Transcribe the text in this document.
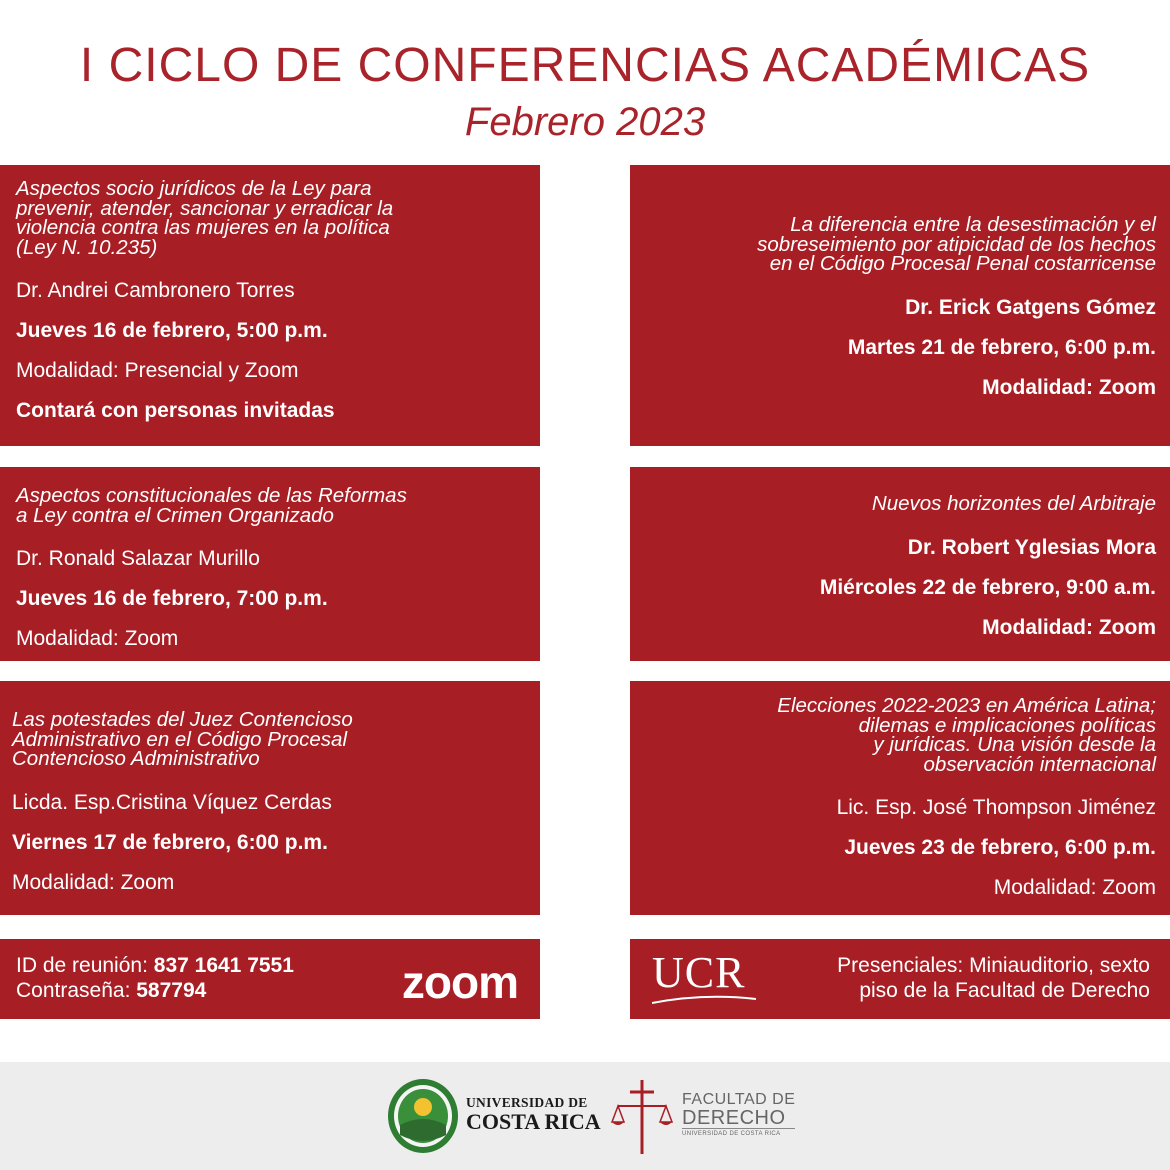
I CICLO DE CONFERENCIAS ACADÉMICAS
Febrero 2023
Aspectos socio jurídicos de la Ley para
prevenir, atender, sancionar y erradicar la
violencia contra las mujeres en la política
(Ley N. 10.235)
Dr. Andrei Cambronero Torres
Jueves 16 de febrero, 5:00 p.m.
Modalidad: Presencial y Zoom
Contará con personas invitadas
La diferencia entre la desestimación y el
sobreseimiento por atipicidad de los hechos
en el Código Procesal Penal costarricense
Dr. Erick Gatgens Gómez
Martes 21 de febrero, 6:00 p.m.
Modalidad: Zoom
Aspectos constitucionales de las Reformas
a Ley contra el Crimen Organizado
Dr. Ronald Salazar Murillo
Jueves 16 de febrero, 7:00 p.m.
Modalidad: Zoom
Nuevos horizontes del Arbitraje
Dr. Robert Yglesias Mora
Miércoles 22 de febrero, 9:00 a.m.
Modalidad: Zoom
Las potestades del Juez Contencioso
Administrativo en el Código Procesal
Contencioso Administrativo
Licda. Esp.Cristina Víquez Cerdas
Viernes 17 de febrero, 6:00 p.m.
Modalidad: Zoom
Elecciones 2022-2023 en América Latina;
dilemas e implicaciones políticas
y jurídicas. Una visión desde la
observación internacional
Lic. Esp. José Thompson Jiménez
Jueves 23 de febrero, 6:00 p.m.
Modalidad: Zoom
ID de reunión: 837 1641 7551
Contraseña: 587794	zoom	UCR	Presenciales: Miniauditorio, sexto
piso de la Facultad de Derecho
UNIVERSIDAD DE
COSTA RICA
FACULTAD DE
DERECHO
UNIVERSIDAD DE COSTA RICA
